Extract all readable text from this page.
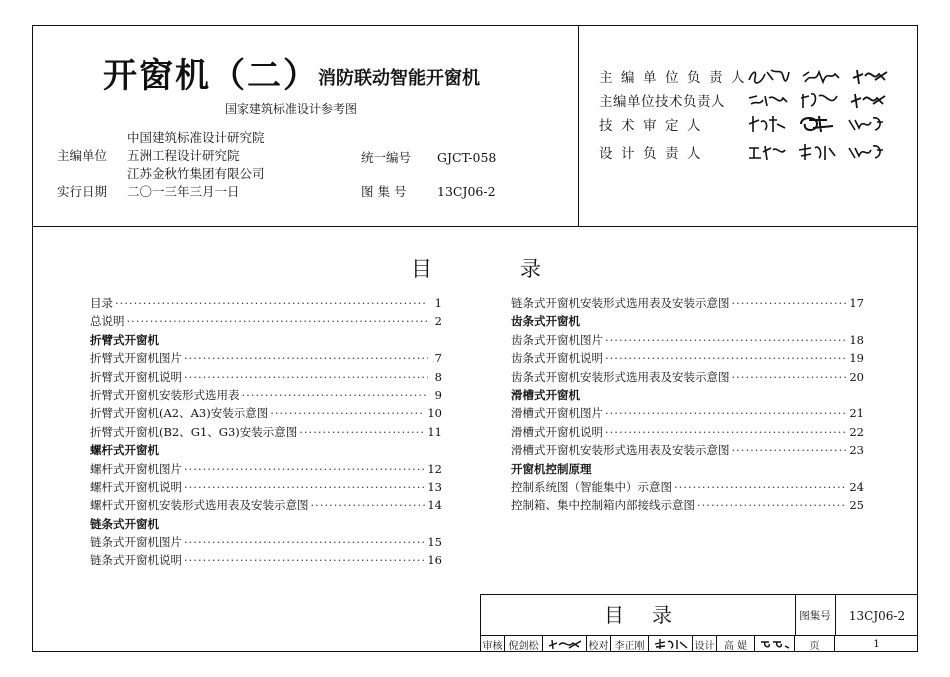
开窗机（二） 消防联动智能开窗机
国家建筑标准设计参考图
中国建筑标准设计研究院
主编单位 五洲工程设计研究院
江苏金秋竹集团有限公司
实行日期 二〇一三年三月一日
统一编号 GJCT-058
图 集 号 13CJ06-2
主编单位负责人
主编单位技术负责人
技术审定人
设计负责人
目	录
目录 ·····	1
总说明 ·····	2
折臂式开窗机
折臂式开窗机图片 ·····	7
折臂式开窗机说明 ·····	8
折臂式开窗机安装形式选用表 ·····	9
折臂式开窗机(A2、A3)安装示意图 ·····	10
折臂式开窗机(B2、G1、G3)安装示意图 ·····	11
螺杆式开窗机
螺杆式开窗机图片 ·····	12
螺杆式开窗机说明 ·····	13
螺杆式开窗机安装形式选用表及安装示意图 ·····	14
链条式开窗机
链条式开窗机图片 ·····	15
链条式开窗机说明 ·····	16
链条式开窗机安装形式选用表及安装示意图 ·····	17
齿条式开窗机
齿条式开窗机图片 ·····	18
齿条式开窗机说明 ·····	19
齿条式开窗机安装形式选用表及安装示意图 ·····	20
滑槽式开窗机
滑槽式开窗机图片 ·····	21
滑槽式开窗机说明 ·····	22
滑槽式开窗机安装形式选用表及安装示意图 ·····	23
开窗机控制原理
控制系统图（智能集中）示意图 ·····	24
控制箱、集中控制箱内部接线示意图 ·····	25
目录	图集号	13CJ06-2
审核 倪剑松	校对 李正刚	设计 高 媞	页	1
